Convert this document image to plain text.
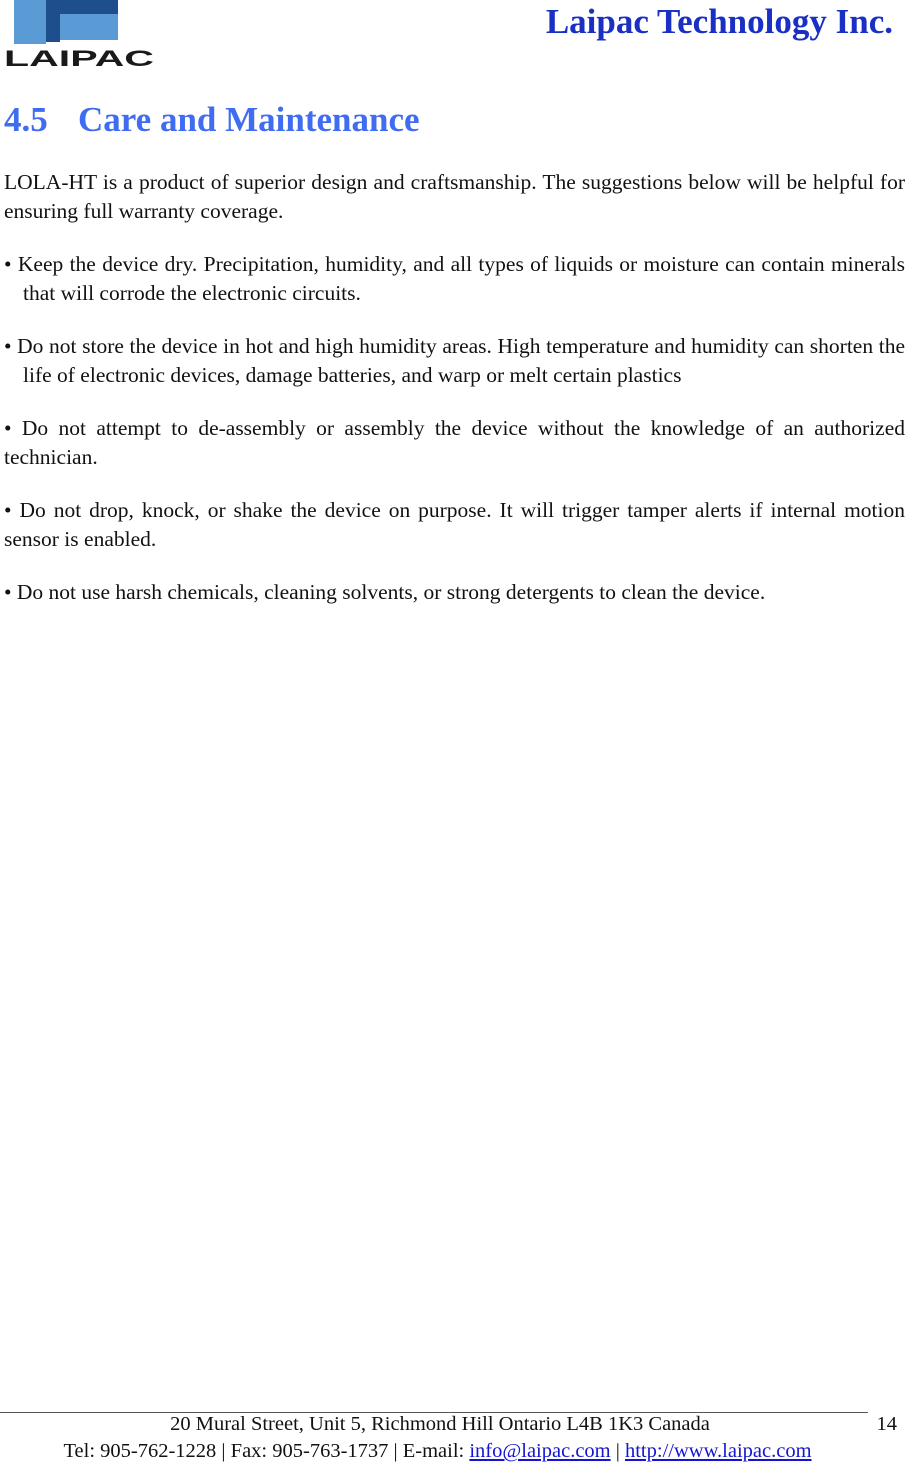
LAIPAC
Laipac Technology Inc.
4.5 Care and Maintenance

LOLA-HT is a product of superior design and craftsmanship. The suggestions below will be helpful for ensuring full warranty coverage.

• Keep the device dry. Precipitation, humidity, and all types of liquids or moisture can contain minerals that will corrode the electronic circuits.

• Do not store the device in hot and high humidity areas. High temperature and humidity can shorten the life of electronic devices, damage batteries, and warp or melt certain plastics

• Do not attempt to de-assembly or assembly the device without the knowledge of an authorized technician.

• Do not drop, knock, or shake the device on purpose. It will trigger tamper alerts if internal motion sensor is enabled.

• Do not use harsh chemicals, cleaning solvents, or strong detergents to clean the device.

20 Mural Street, Unit 5, Richmond Hill Ontario L4B 1K3 Canada	14
Tel: 905-762-1228 | Fax: 905-763-1737 | E-mail: info@laipac.com | http://www.laipac.com
